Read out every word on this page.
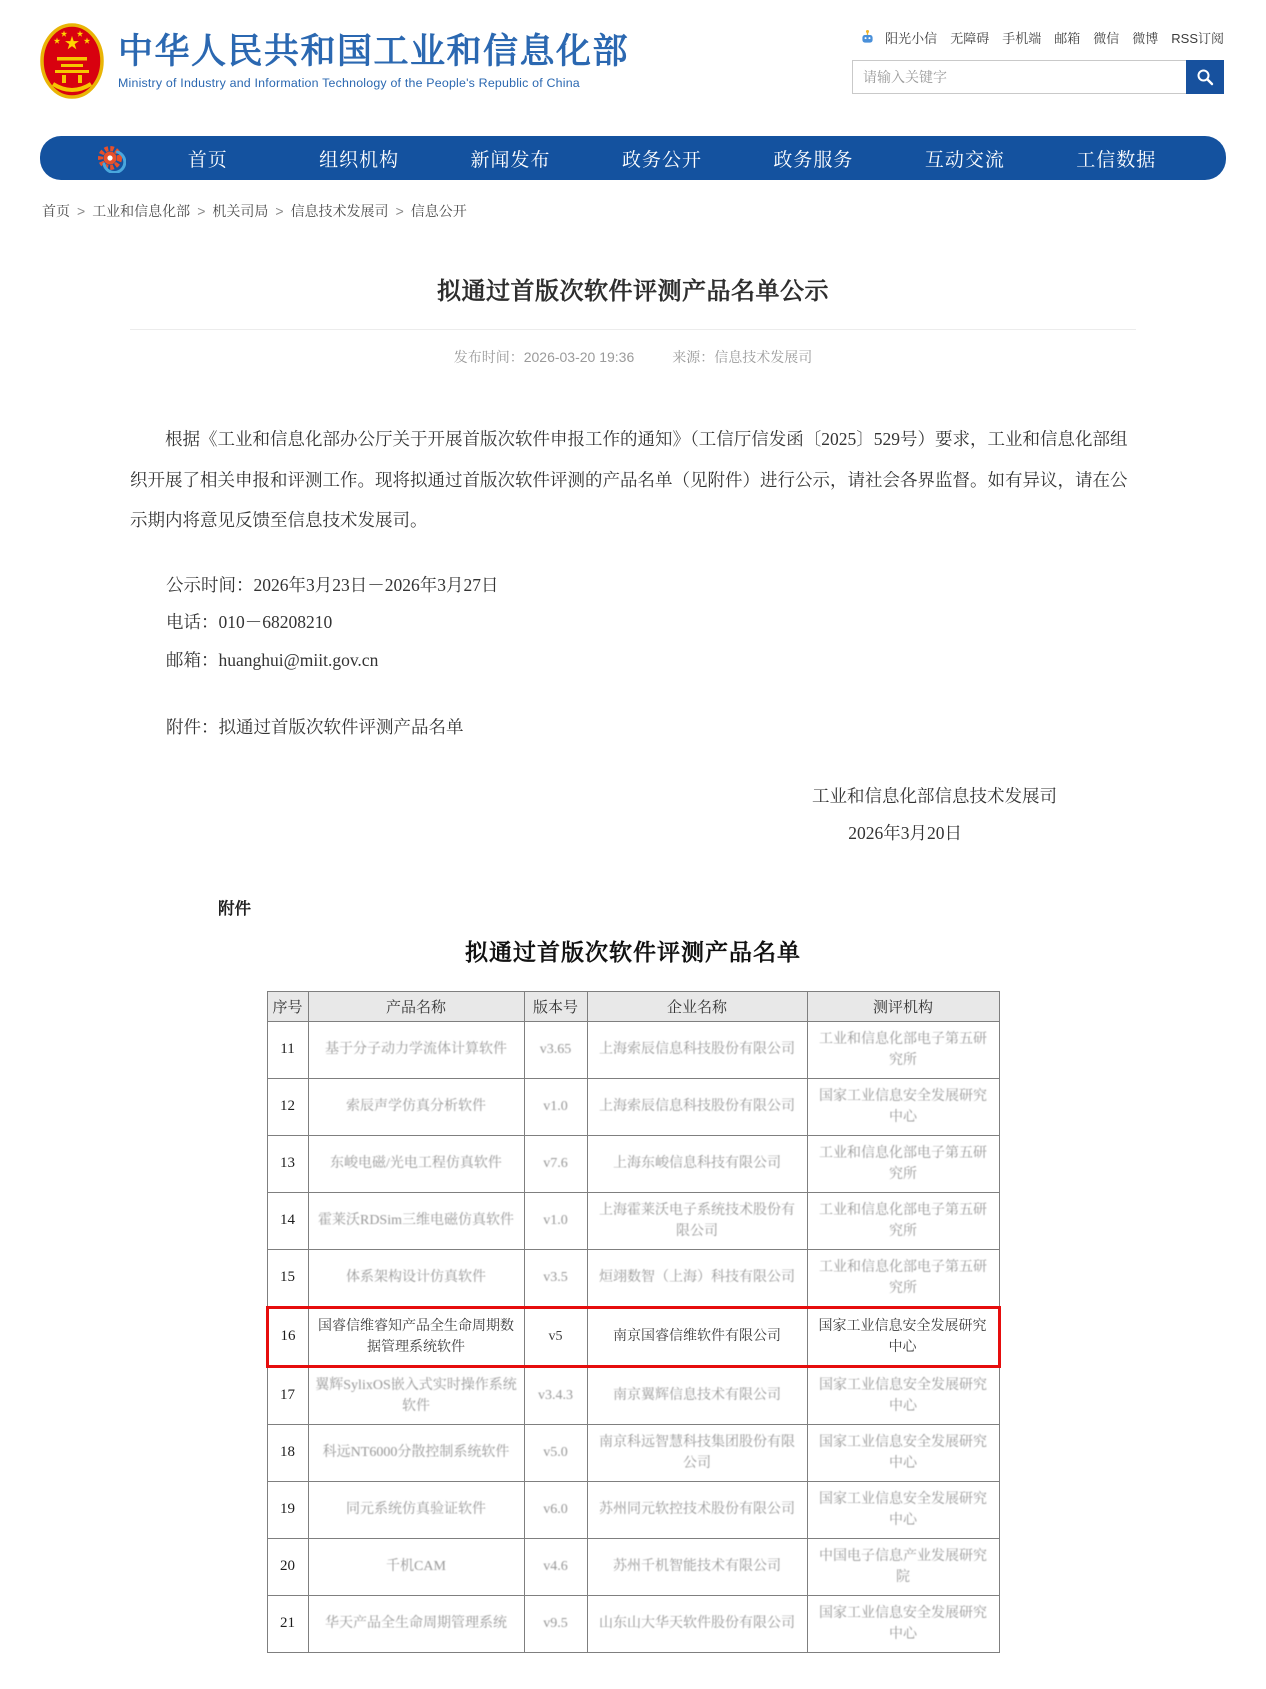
★
★
★ ★
★ 中华人民共和国工业和信息化部
Ministry of Industry and Information Technology of the People's Republic of China
阳光小信 无障碍 手机端 邮箱 微信 微博 RSS订阅
请输入关键字
首页	组织机构	新闻发布	政务公开	政务服务	互动交流	工信数据
首页 > 工业和信息化部 > 机关司局 > 信息技术发展司 > 信息公开
拟通过首版次软件评测产品名单公示
发布时间：2026-03-20 19:36	来源：信息技术发展司

根据《工业和信息化部办公厅关于开展首版次软件申报工作的通知》（工信厅信发函〔2025〕529号）要求，工业和信息化部组织开展了相关申报和评测工作。现将拟通过首版次软件评测的产品名单（见附件）进行公示，请社会各界监督。如有异议，请在公示期内将意见反馈至信息技术发展司。

公示时间：2026年3月23日－2026年3月27日
电话：010－68208210
邮箱：huanghui@miit.gov.cn
附件：拟通过首版次软件评测产品名单
工业和信息化部信息技术发展司
2026年3月20日
附件
拟通过首版次软件评测产品名单
序号	产品名称	版本号	企业名称	测评机构
11	基于分子动力学流体计算软件	v3.65	上海索辰信息科技股份有限公司	工业和信息化部电子第五研究所
12	索辰声学仿真分析软件	v1.0	上海索辰信息科技股份有限公司	国家工业信息安全发展研究中心
13	东峻电磁/光电工程仿真软件	v7.6	上海东峻信息科技有限公司	工业和信息化部电子第五研究所
14	霍莱沃RDSim三维电磁仿真软件	v1.0	上海霍莱沃电子系统技术股份有限公司	工业和信息化部电子第五研究所
15	体系架构设计仿真软件	v3.5	烜翊数智（上海）科技有限公司	工业和信息化部电子第五研究所
16	国睿信维睿知产品全生命周期数据管理系统软件	v5	南京国睿信维软件有限公司	国家工业信息安全发展研究中心
17	翼辉SylixOS嵌入式实时操作系统软件	v3.4.3	南京翼辉信息技术有限公司	国家工业信息安全发展研究中心
18	科远NT6000分散控制系统软件	v5.0	南京科远智慧科技集团股份有限公司	国家工业信息安全发展研究中心
19	同元系统仿真验证软件	v6.0	苏州同元软控技术股份有限公司	国家工业信息安全发展研究中心
20	千机CAM	v4.6	苏州千机智能技术有限公司	中国电子信息产业发展研究院
21	华天产品全生命周期管理系统	v9.5	山东山大华天软件股份有限公司	国家工业信息安全发展研究中心
